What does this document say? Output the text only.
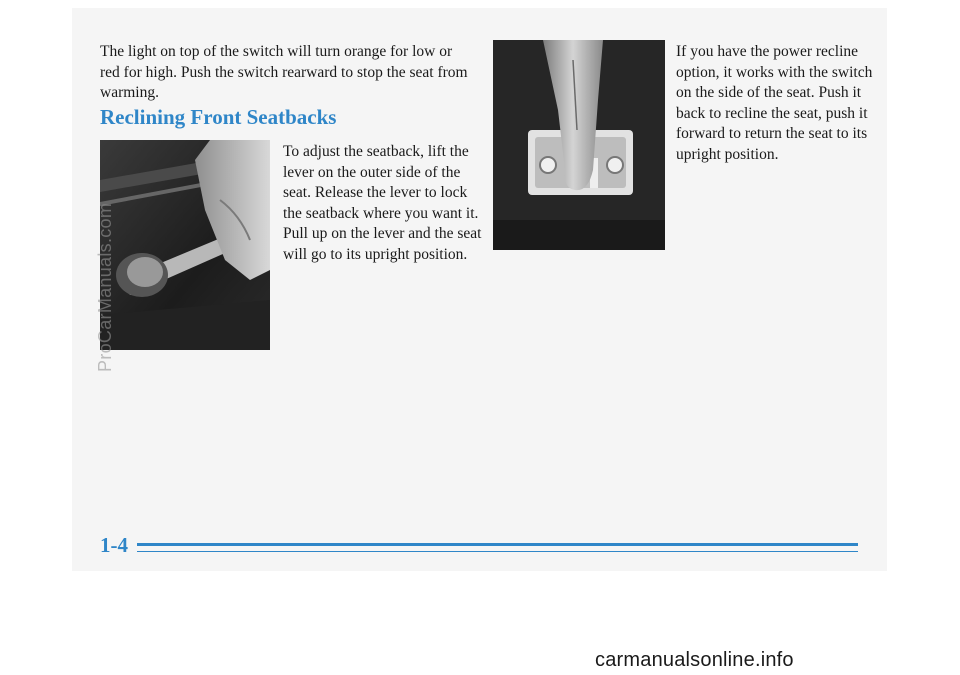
The light on top of the switch will turn orange for low or red for high. Push the switch rearward to stop the seat from warming.

Reclining Front Seatbacks

To adjust the seatback, lift the lever on the outer side of the seat. Release the lever to lock the seatback where you want it. Pull up on the lever and the seat will go to its upright position.

If you have the power recline option, it works with the switch on the side of the seat. Push it back to recline the seat, push it forward to return the seat to its upright position.

ProCarManuals.com
1-4
carmanualsonline.info
